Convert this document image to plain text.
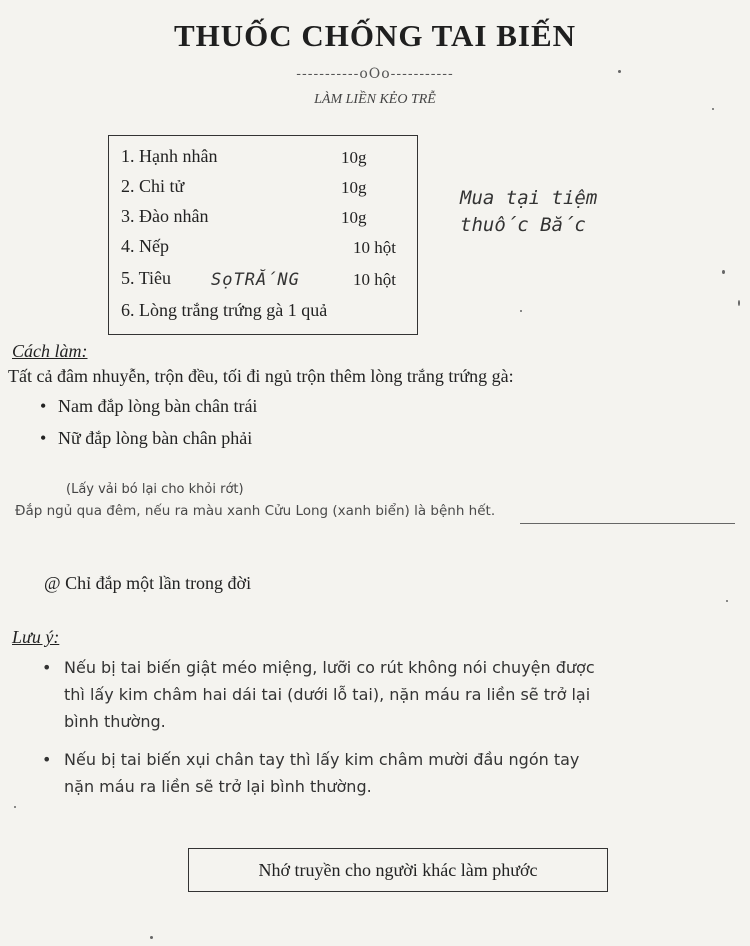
THUỐC CHỐNG TAI BIẾN
-----------oOo-----------
LÀM LIỀN KẺO TRỄ
1. Hạnh nhân	10g
2. Chi tử	10g
3. Đào nhân	10g
4. Nếp	10 hột
5. Tiêu SọTRẮNG	10 hột
6. Lòng trắng trứng gà 1 quả
Mua tại tiệm
thuốc Bắc
Cách làm:
Tất cả đâm nhuyễn, trộn đều, tối đi ngủ trộn thêm lòng trắng trứng gà:
• Nam đắp lòng bàn chân trái
• Nữ đắp lòng bàn chân phải
(Lấy vải bó lại cho khỏi rớt)
Đắp ngủ qua đêm, nếu ra màu xanh Cửu Long (xanh biển) là bệnh hết.
@ Chỉ đắp một lần trong đời
Lưu ý:
• Nếu bị tai biến giật méo miệng, lưỡi co rút không nói chuyện được
thì lấy kim châm hai dái tai (dưới lỗ tai), nặn máu ra liền sẽ trở lại
bình thường.
• Nếu bị tai biến xụi chân tay thì lấy kim châm mười đầu ngón tay
nặn máu ra liền sẽ trở lại bình thường.
Nhớ truyền cho người khác làm phước
